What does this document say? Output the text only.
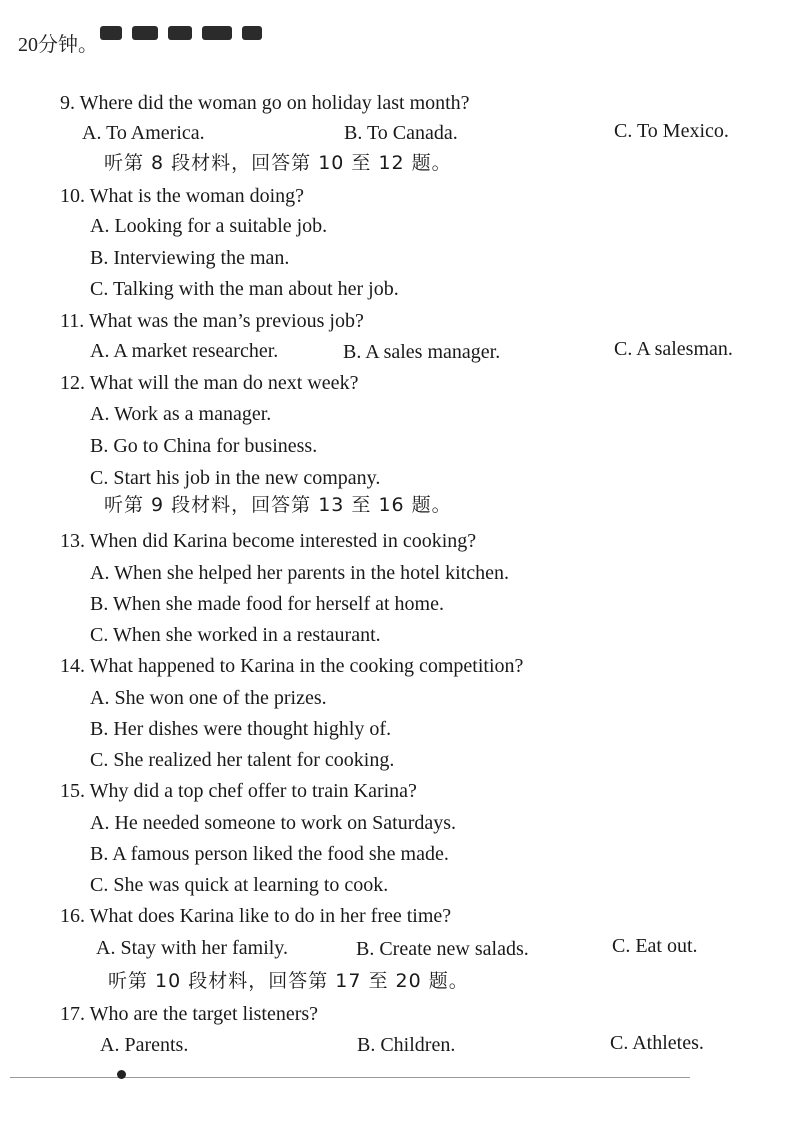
20分钟。
9. Where did the woman go on holiday last month?
A. To America.	B. To Canada.	C. To Mexico.
听第 8 段材料，回答第 10 至 12 题。
10. What is the woman doing?
A. Looking for a suitable job.
B. Interviewing the man.
C. Talking with the man about her job.
11. What was the man’s previous job?
A. A market researcher.	B. A sales manager.	C. A salesman.
12. What will the man do next week?
A. Work as a manager.
B. Go to China for business.
C. Start his job in the new company.
听第 9 段材料，回答第 13 至 16 题。
13. When did Karina become interested in cooking?
A. When she helped her parents in the hotel kitchen.
B. When she made food for herself at home.
C. When she worked in a restaurant.
14. What happened to Karina in the cooking competition?
A. She won one of the prizes.
B. Her dishes were thought highly of.
C. She realized her talent for cooking.
15. Why did a top chef offer to train Karina?
A. He needed someone to work on Saturdays.
B. A famous person liked the food she made.
C. She was quick at learning to cook.
16. What does Karina like to do in her free time?
A. Stay with her family.	B. Create new salads.	C. Eat out.
听第 10 段材料，回答第 17 至 20 题。
17. Who are the target listeners?
A. Parents.	B. Children.	C. Athletes.
